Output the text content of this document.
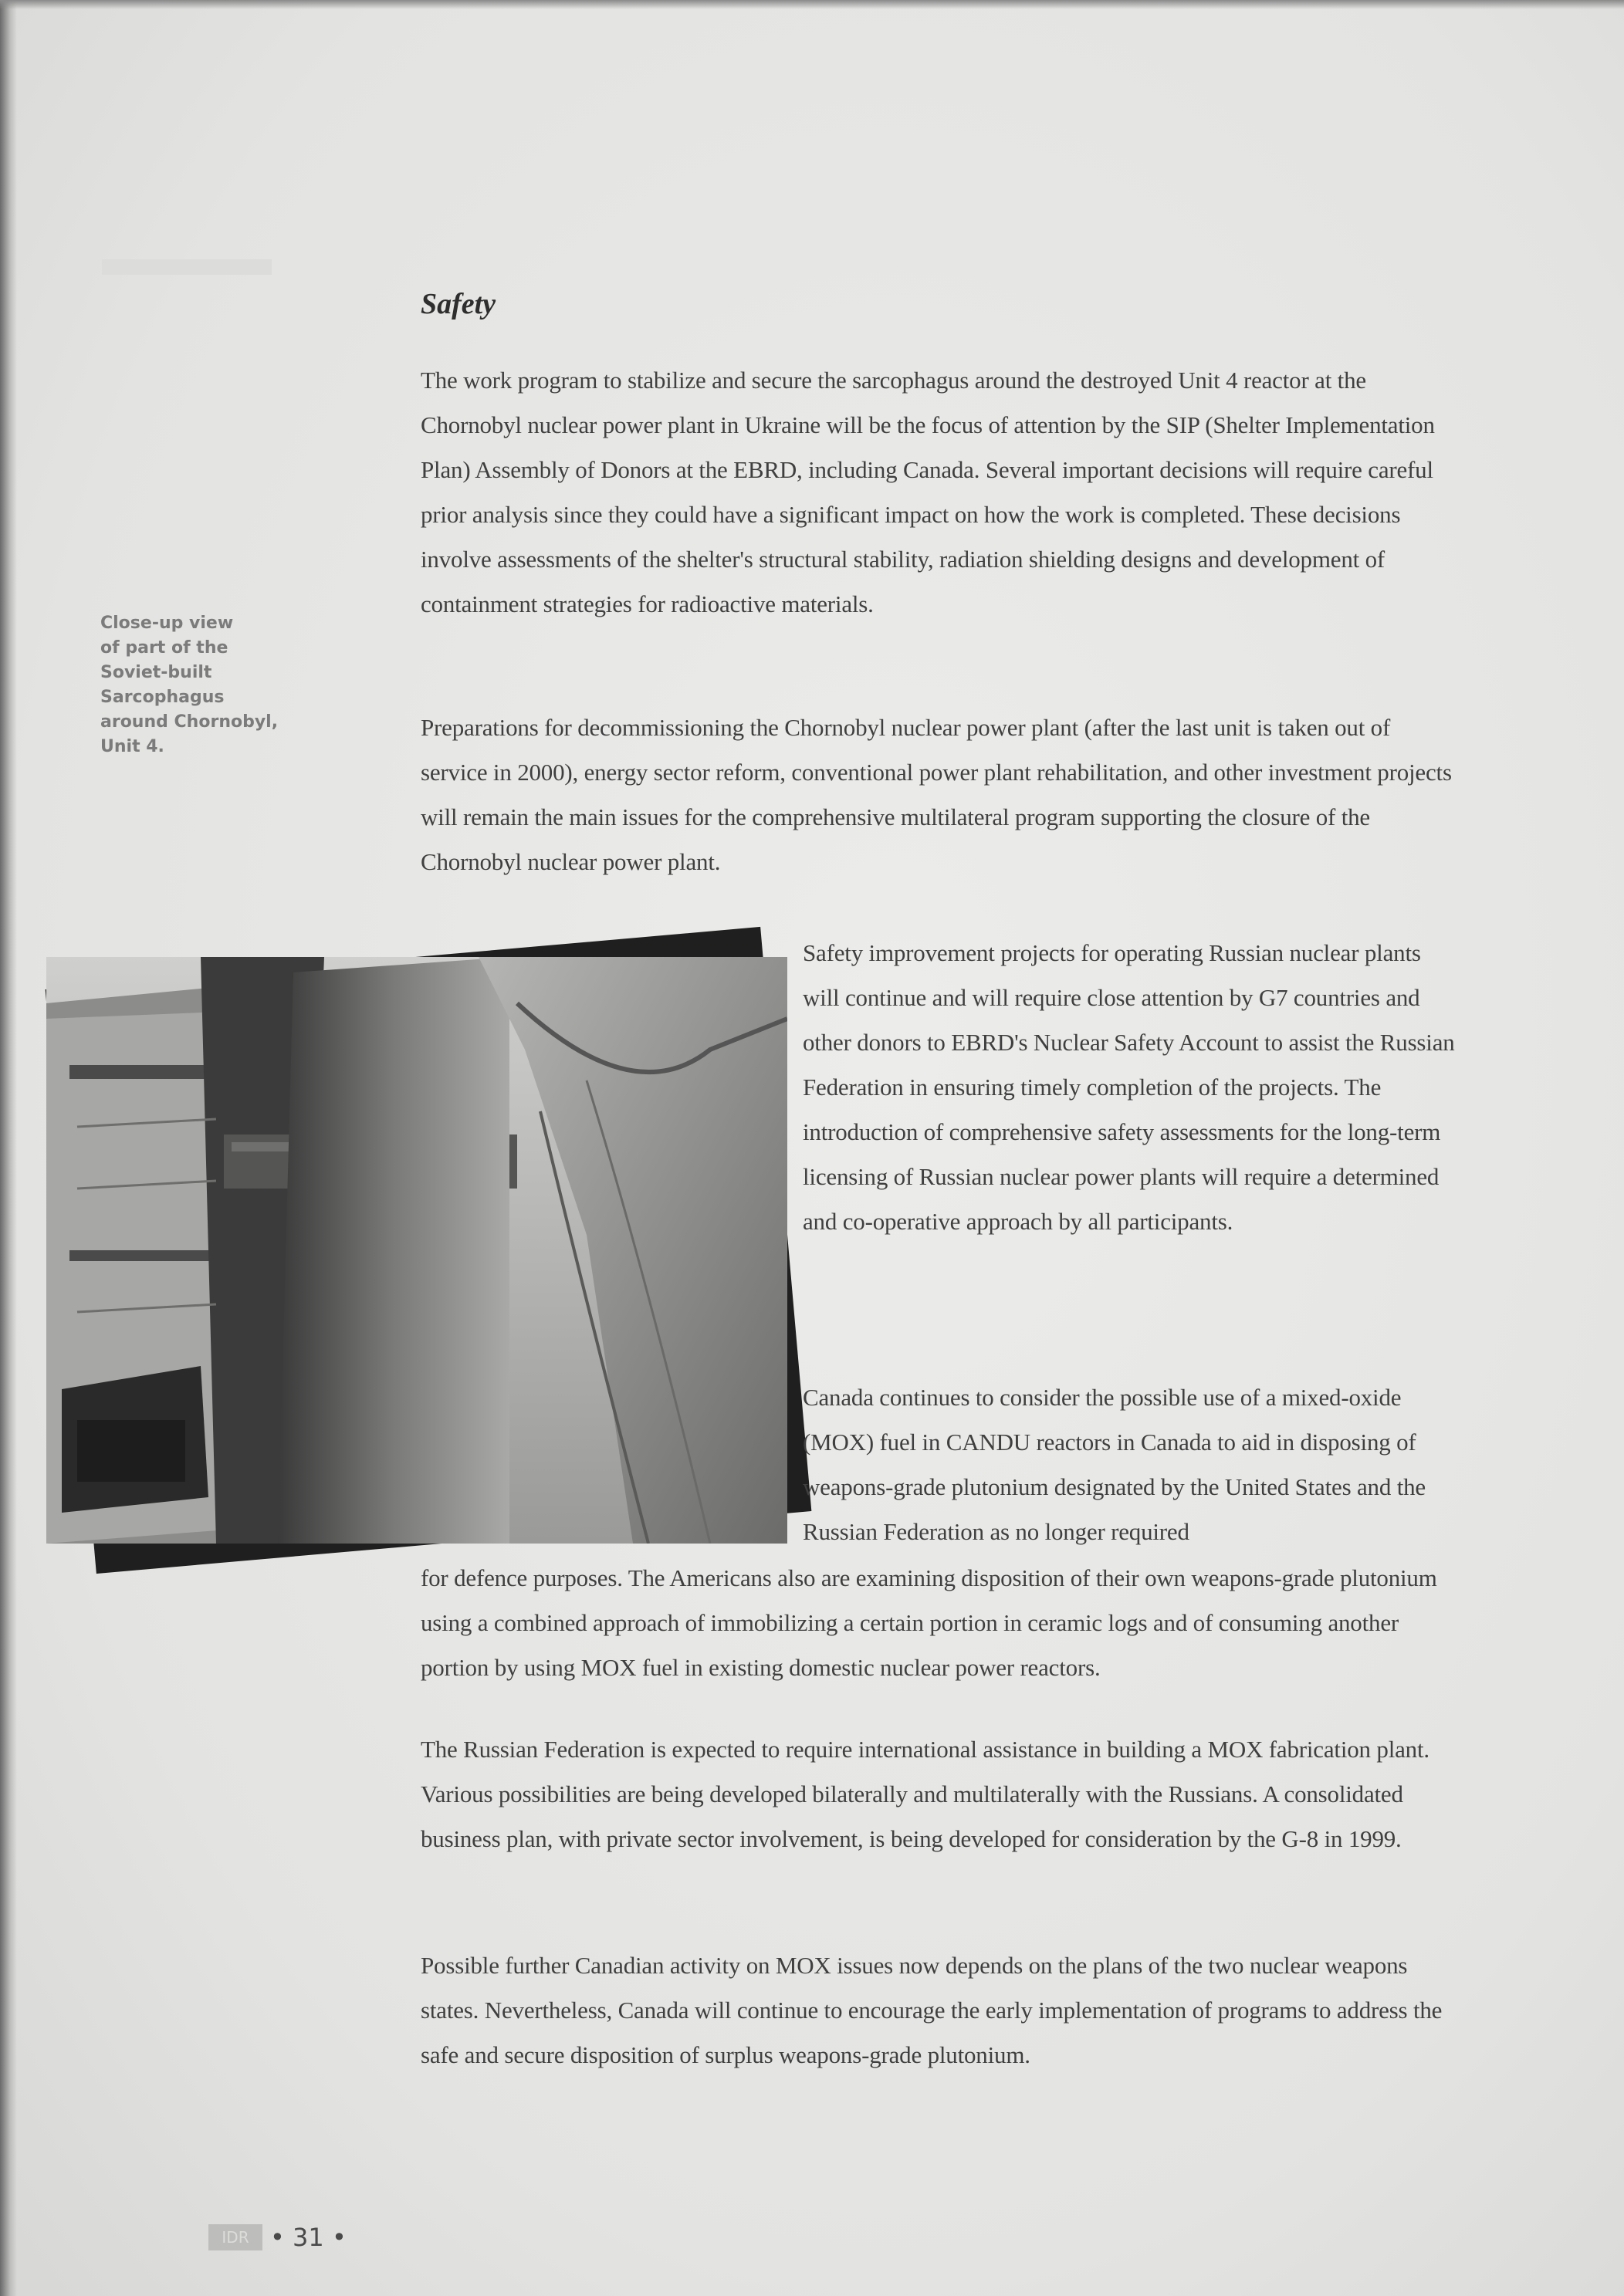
Safety

The work program to stabilize and secure the sarcophagus around the destroyed Unit 4 reactor at the Chornobyl nuclear power plant in Ukraine will be the focus of attention by the SIP (Shelter Implementation Plan) Assembly of Donors at the EBRD, including Canada. Several important decisions will require careful prior analysis since they could have a significant impact on how the work is completed. These decisions involve assessments of the shelter's structural stability, radiation shielding designs and development of containment strategies for radioactive materials.

Close-up view
of part of the
Soviet-built
Sarcophagus
around Chornobyl,
Unit 4.

Preparations for decommissioning the Chornobyl nuclear power plant (after the last unit is taken out of service in 2000), energy sector reform, conventional power plant rehabilitation, and other investment projects will remain the main issues for the comprehensive multilateral program supporting the closure of the Chornobyl nuclear power plant.

Safety improvement projects for operating Russian nuclear plants will continue and will require close attention by G7 countries and other donors to EBRD's Nuclear Safety Account to assist the Russian Federation in ensuring timely completion of the projects. The introduction of comprehensive safety assessments for the long-term licensing of Russian nuclear power plants will require a determined and co-operative approach by all participants.

Canada continues to consider the possible use of a mixed-oxide (MOX) fuel in CANDU reactors in Canada to aid in disposing of weapons-grade plutonium designated by the United States and the Russian Federation as no longer required

for defence purposes. The Americans also are examining disposition of their own weapons-grade plutonium using a combined approach of immobilizing a certain portion in ceramic logs and of consuming another portion by using MOX fuel in existing domestic nuclear power reactors.

The Russian Federation is expected to require international assistance in building a MOX fabrication plant. Various possibilities are being developed bilaterally and multilaterally with the Russians. A consolidated business plan, with private sector involvement, is being developed for consideration by the G-8 in 1999.

Possible further Canadian activity on MOX issues now depends on the plans of the two nuclear weapons states. Nevertheless, Canada will continue to encourage the early implementation of programs to address the safe and secure disposition of surplus weapons-grade plutonium.

IDR • 31 •
